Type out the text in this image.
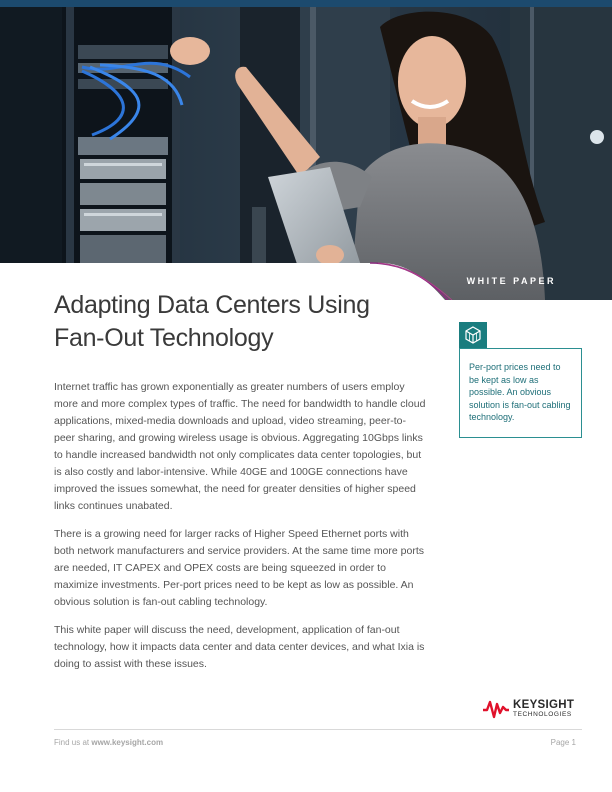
WHITE PAPER
Adapting Data Centers Using
Fan-Out Technology

Internet traffic has grown exponentially as greater numbers of users employ more and more complex types of traffic. The need for bandwidth to handle cloud applications, mixed-media downloads and upload, video streaming, peer-to-peer sharing, and growing wireless usage is obvious. Aggregating 10Gbps links to handle increased bandwidth not only complicates data center topologies, but is also costly and labor-intensive. While 40GE and 100GE connections have improved the issues somewhat, the need for greater densities of higher speed links continues unabated.

There is a growing need for larger racks of Higher Speed Ethernet ports with both network manufacturers and service providers. At the same time more ports are needed, IT CAPEX and OPEX costs are being squeezed in order to maximize investments. Per-port prices need to be kept as low as possible. An obvious solution is fan-out cabling technology.

This white paper will discuss the need, development, application of fan-out technology, how it impacts data center and data center devices, and what Ixia is doing to assist with these issues.

Per-port prices need to be kept as low as possible. An obvious solution is fan-out cabling technology.

KEYSIGHT
TECHNOLOGIES
Find us at www.keysight.com	Page 1
